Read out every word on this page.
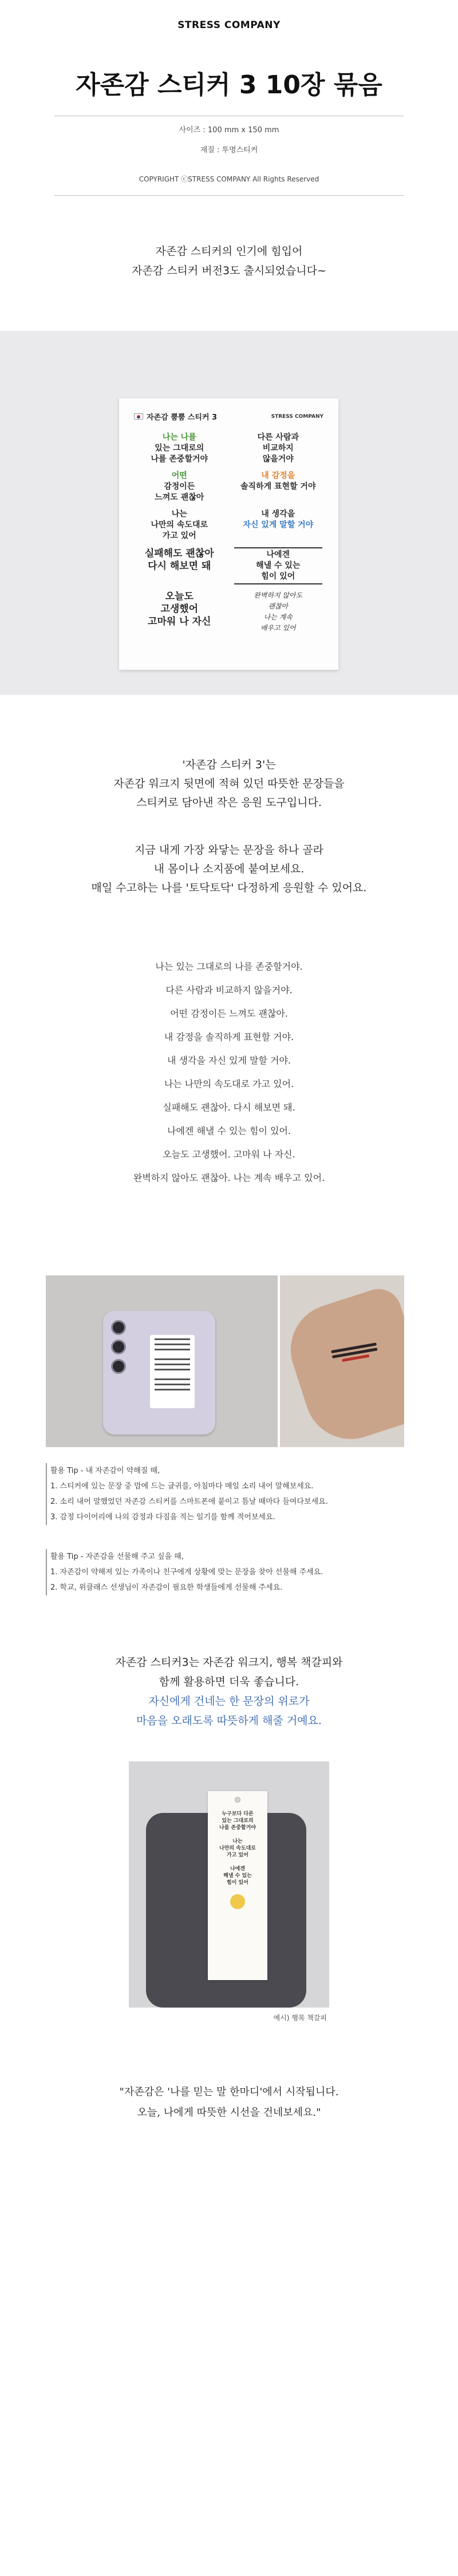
STRESS COMPANY
자존감 스티커 3 10장 묶음
사이즈 : 100 mm x 150 mm
재질 : 투명스티커
COPYRIGHT ⓒSTRESS COMPANY All Rights Reserved
자존감 스티커의 인기에 힘입어
자존감 스티커 버전3도 출시되었습니다~
자존감 뿜뿜 스티커 3	STRESS COMPANY
나는 나를
있는 그대로의
나를 존중할거야
다른 사람과
비교하지
않을거야
어떤
감정이든
느껴도 괜찮아
내 감정을
솔직하게 표현할 거야
나는
나만의 속도대로
가고 있어
내 생각을
자신 있게 말할 거야
실패해도 괜찮아
다시 해보면 돼
나에겐
해낼 수 있는
힘이 있어
오늘도
고생했어
고마워 나 자신
완벽하지 않아도
괜찮아
나는 계속
배우고 있어
'자존감 스티커 3'는
자존감 워크지 뒷면에 적혀 있던 따뜻한 문장들을
스티커로 담아낸 작은 응원 도구입니다.
지금 내게 가장 와닿는 문장을 하나 골라
내 몸이나 소지품에 붙여보세요.
매일 수고하는 나를 '토닥토닥' 다정하게 응원할 수 있어요.
나는 있는 그대로의 나를 존중할거야.
다른 사람과 비교하지 않을거야.
어떤 감정이든 느껴도 괜찮아.
내 감정을 솔직하게 표현할 거야.
내 생각을 자신 있게 말할 거야.
나는 나만의 속도대로 가고 있어.
실패해도 괜찮아. 다시 해보면 돼.
나에겐 해낼 수 있는 힘이 있어.
오늘도 고생했어. 고마워 나 자신.
완벽하지 않아도 괜찮아. 나는 계속 배우고 있어.
활용 Tip - 내 자존감이 약해질 때,
1. 스티커에 있는 문장 중 맘에 드는 글귀를, 아침마다 매일 소리 내어 말해보세요.
2. 소리 내어 말했었던 자존감 스티커를 스마트폰에 붙이고 틈날 때마다 들여다보세요.
3. 감정 다이어리에 나의 감정과 다짐을 적는 일기를 함께 적어보세요.
활용 Tip - 자존감을 선물해 주고 싶을 때,
1. 자존감이 약해져 있는 가족이나 친구에게 상황에 맞는 문장을 찾아 선물해 주세요.
2. 학교, 위클래스 선생님이 자존감이 필요한 학생들에게 선물해 주세요.
자존감 스티커3는 자존감 워크지, 행복 책갈피와
함께 활용하면 더욱 좋습니다.
자신에게 건네는 한 문장의 위로가
마음을 오래도록 따뜻하게 해줄 거예요.
누구보다 다른
있는 그대로의
나를 존중할거야

나는
나만의 속도대로
가고 있어

나에겐
해낼 수 있는
힘이 있어
예시) 행복 책갈피
"자존감은 '나를 믿는 말 한마디'에서 시작됩니다.
오늘, 나에게 따뜻한 시선을 건네보세요."
